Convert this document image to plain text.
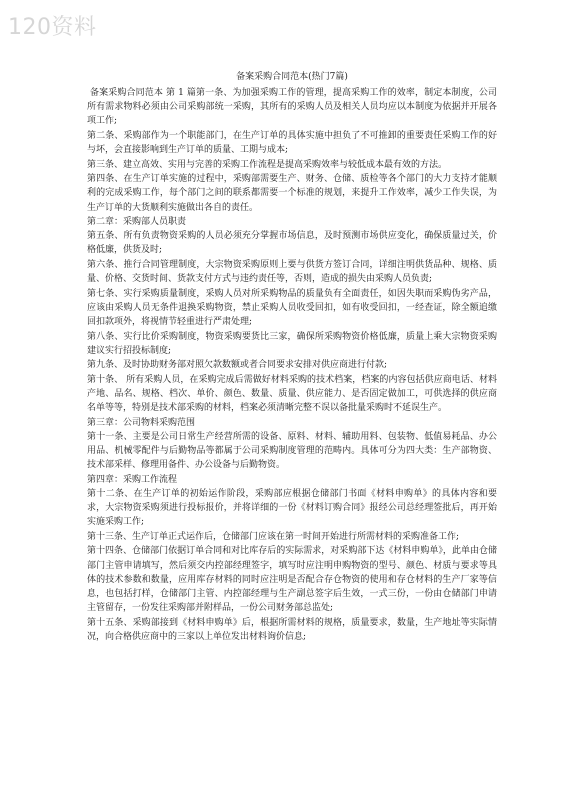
120资料
备案采购合同范本(热门7篇)
备案采购合同范本 第 1 篇第一条、为加强采购工作的管理，提高采购工作的效率，制定本制度，公司所有需求物料必须由公司采购部统一采购，其所有的采购人员及相关人员均应以本制度为依据并开展各项工作;
第二条、采购部作为一个职能部门，在生产订单的具体实施中担负了不可推卸的重要责任采购工作的好与坏，会直接影响到生产订单的质量、工期与成本;
第三条、建立高效、实用与完善的采购工作流程是提高采购效率与较低成本最有效的方法。
第四条、在生产订单实施的过程中，采购部需要生产、财务、仓储、质检等各个部门的大力支持才能顺利的完成采购工作，每个部门之间的联系都需要一个标准的规划，来提升工作效率，减少工作失误，为生产订单的大货顺利实施做出各自的责任。
第二章：采购部人员职责
第五条、所有负责物资采购的人员必须充分掌握市场信息，及时预测市场供应变化，确保质量过关，价格低廉，供货及时;
第六条、推行合同管理制度，大宗物资采购原则上要与供货方签订合同，详细注明供货品种、规格、质量、价格、交货时间、货款支付方式与违约责任等，否则，造成的损失由采购人员负责;
第七条、实行采购质量制度，采购人员对所采购物品的质量负有全面责任，如因失职而采购伪劣产品，应该由采购人员无条件退换采购物资，禁止采购人员收受回扣，如有收受回扣，一经查证，除全额追缴回扣款项外，将视情节轻重进行严肃处理;
第八条、实行比价采购制度，物资采购要货比三家，确保所采购物资价格低廉，质量上乘大宗物资采购建议实行招投标制度;
第九条、及时协助财务部对照欠款数额或者合同要求安排对供应商进行付款;
第十条、 所有采购人员，在采购完成后需做好材料采购的技术档案，档案的内容包括供应商电话、材料产地、品名、规格、档次、单价、颜色、数量、质量、供应能力、是否固定做加工，可供选择的供应商名单等等，特别是技术部采购的材料，档案必须清晰完整不误以备批量采购时不延误生产。
第三章：公司物料采购范围
第十一条、主要是公司日常生产经营所需的设备、原料、材料、辅助用料、包装物、低值易耗品、办公用品、机械零配件与后勤物品等都属于公司采购制度管理的范畴内。具体可分为四大类：生产部物资、技术部采样、修理用备件、办公设备与后勤物资。
第四章：采购工作流程
第十二条、在生产订单的初始运作阶段，采购部应根据仓储部门书面《材料申购单》的具体内容和要求，大宗物资采购须进行投标报价，并将详细的一份《材料订购合同》报经公司总经理签批后，再开始实施采购工作;
第十三条、生产订单正式运作后，仓储部门应该在第一时间开始进行所需材料的采购准备工作;
第十四条、仓储部门依据订单合同和对比库存后的实际需求，对采购部下达《材料申购单》，此单由仓储部门主管申请填写，然后须交内控部经理签字，填写时应注明申购物资的型号、颜色、材质与要求等具体的技术参数和数量，应用库存材料的同时应注明是否配合存仓物资的使用和存仓材料的生产厂家等信息，也包括打样，仓储部门主管、内控部经理与生产副总签字后生效，一式三份，一份由仓储部门申请主管留存，一份发往采购部并附样品，一份公司财务部总监处;
第十五条、采购部接到《材料申购单》后，根据所需材料的规格，质量要求，数量，生产地址等实际情况，向合格供应商中的三家以上单位发出材料询价信息;
